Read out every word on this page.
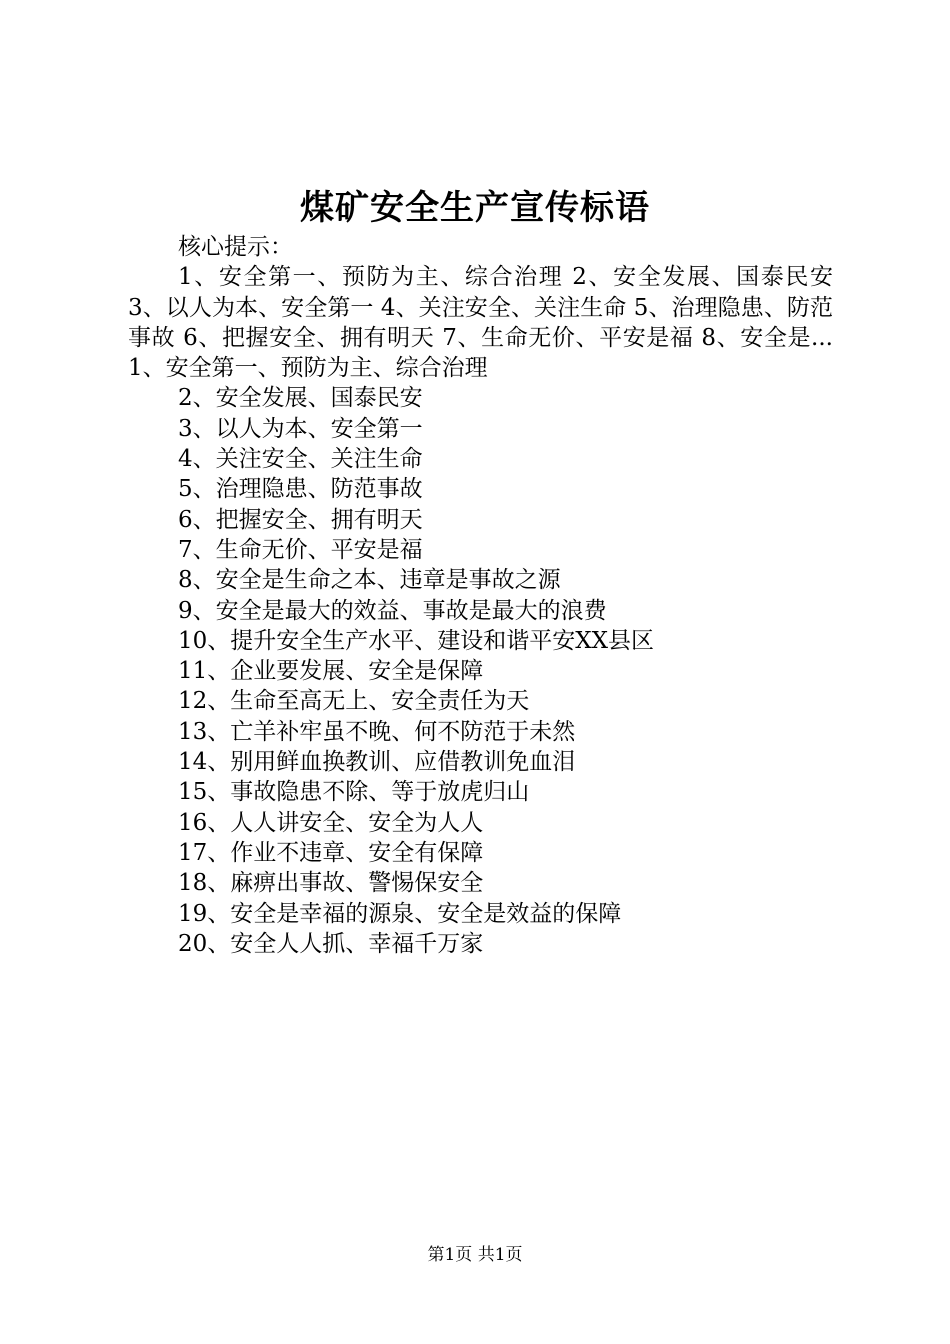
煤矿安全生产宣传标语

核心提示：

1、安全第一、预防为主、综合治理 2、安全发展、国泰民安 3、以人为本、安全第一 4、关注安全、关注生命 5、治理隐患、防范事故 6、把握安全、拥有明天 7、生命无价、平安是福 8、安全是...1、安全第一、预防为主、综合治理

2、安全发展、国泰民安

3、以人为本、安全第一

4、关注安全、关注生命

5、治理隐患、防范事故

6、把握安全、拥有明天

7、生命无价、平安是福

8、安全是生命之本、违章是事故之源

9、安全是最大的效益、事故是最大的浪费

10、提升安全生产水平、建设和谐平安XX县区

11、企业要发展、安全是保障

12、生命至高无上、安全责任为天

13、亡羊补牢虽不晚、何不防范于未然

14、别用鲜血换教训、应借教训免血泪

15、事故隐患不除、等于放虎归山

16、人人讲安全、安全为人人

17、作业不违章、安全有保障

18、麻痹出事故、警惕保安全

19、安全是幸福的源泉、安全是效益的保障

20、安全人人抓、幸福千万家

第1页 共1页
